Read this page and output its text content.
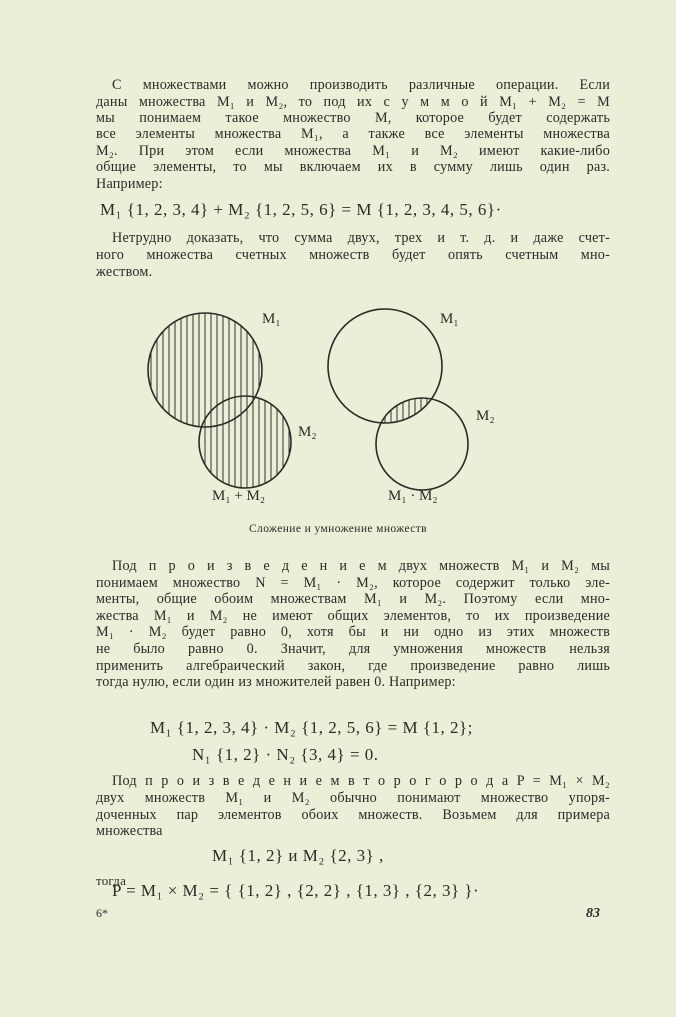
С множествами можно производить различные операции. Если
даны множества M₁ и M₂, то под их с у м м о й M₁ + M₂ = M
мы понимаем такое множество M, которое будет содержать
все элементы множества M₁, а также все элементы множества
M₂. При этом если множества M₁ и M₂ имеют какие-либо
общие элементы, то мы включаем их в сумму лишь один раз.
Например:
Нетрудно доказать, что сумма двух, трех и т. д. и даже счет-
ного множества счетных множеств будет опять счетным мно-
жеством.
Под п р о и з в е д е н и е м двух множеств M₁ и M₂ мы
понимаем множество N = M₁ · M₂, которое содержит только эле-
менты, общие обоим множествам M₁ и M₂. Поэтому если мно-
жества M₁ и M₂ не имеют общих элементов, то их произведение
M₁ · M₂ будет равно 0, хотя бы и ни одно из этих множеств
не было равно 0. Значит, для умножения множеств нельзя
применить алгебраический закон, где произведение равно лишь
тогда нулю, если один из множителей равен 0. Например:
Под п р о и з в е д е н и е м в т о р о г о р о д а P = M₁ × M₂
двух множеств M₁ и M₂ обычно понимают множество упоря-
доченных пар элементов обоих множеств. Возьмем для примера
множества
M₁ {1, 2, 3, 4} + M₂ {1, 2, 5, 6} = M {1, 2, 3, 4, 5, 6}·
M₁
M₂
M₁ + M₂
M₁
M₂
M₁ · M₂
Сложение и умножение множеств
M₁ {1, 2, 3, 4} · M₂ {1, 2, 5, 6} = M {1, 2};
N₁ {1, 2} · N₂ {3, 4} = 0.
M₁ {1, 2} и M₂ {2, 3} ,
тогда
P = M₁ × M₂ = { {1, 2} , {2, 2} , {1, 3} , {2, 3} }·
6*	83
